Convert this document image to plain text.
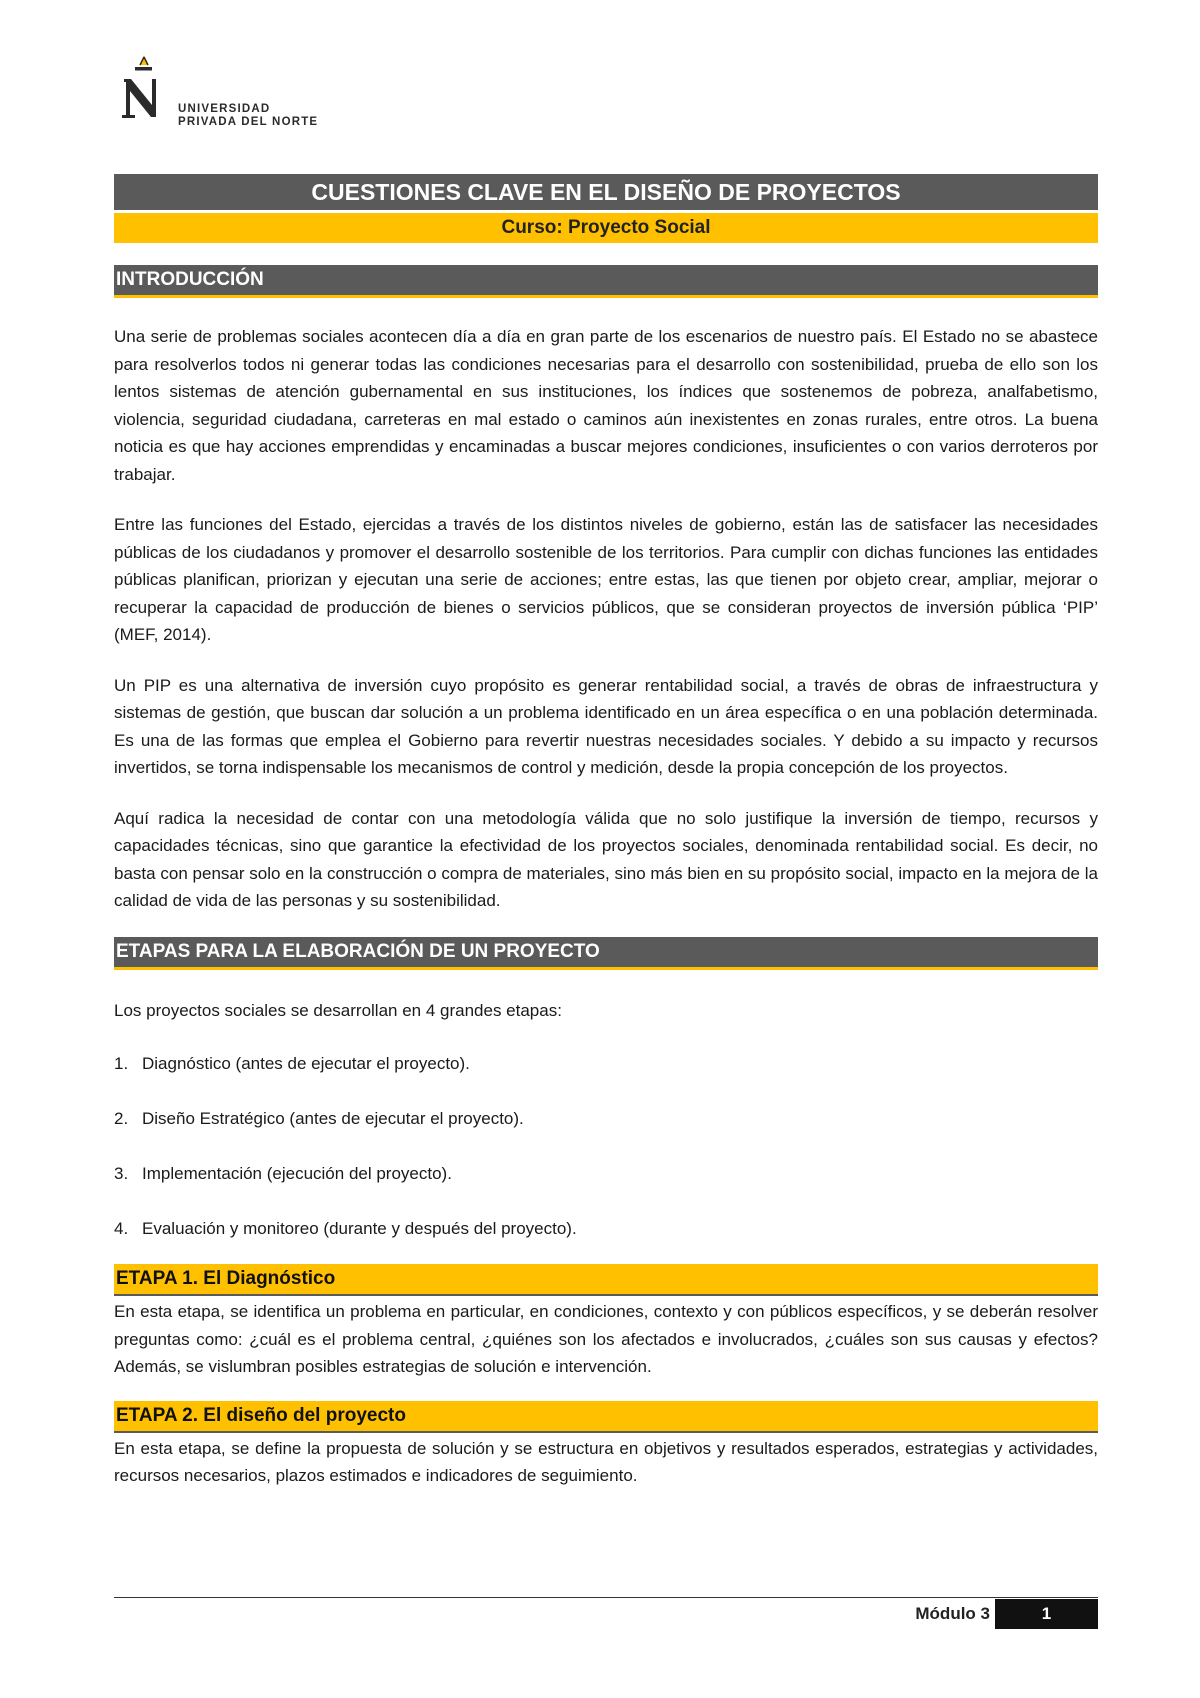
UNIVERSIDAD
PRIVADA DEL NORTE
CUESTIONES CLAVE EN EL DISEÑO DE PROYECTOS
Curso: Proyecto Social
INTRODUCCIÓN

Una serie de problemas sociales acontecen día a día en gran parte de los escenarios de nuestro país. El Estado no se abastece para resolverlos todos ni generar todas las condiciones necesarias para el desarrollo con sostenibilidad, prueba de ello son los lentos sistemas de atención gubernamental en sus instituciones, los índices que sostenemos de pobreza, analfabetismo, violencia, seguridad ciudadana, carreteras en mal estado o caminos aún inexistentes en zonas rurales, entre otros. La buena noticia es que hay acciones emprendidas y encaminadas a buscar mejores condiciones, insuficientes o con varios derroteros por trabajar.

Entre las funciones del Estado, ejercidas a través de los distintos niveles de gobierno, están las de satisfacer las necesidades públicas de los ciudadanos y promover el desarrollo sostenible de los territorios. Para cumplir con dichas funciones las entidades públicas planifican, priorizan y ejecutan una serie de acciones; entre estas, las que tienen por objeto crear, ampliar, mejorar o recuperar la capacidad de producción de bienes o servicios públicos, que se consideran proyectos de inversión pública ‘PIP’ (MEF, 2014).

Un PIP es una alternativa de inversión cuyo propósito es generar rentabilidad social, a través de obras de infraestructura y sistemas de gestión, que buscan dar solución a un problema identificado en un área específica o en una población determinada. Es una de las formas que emplea el Gobierno para revertir nuestras necesidades sociales. Y debido a su impacto y recursos invertidos, se torna indispensable los mecanismos de control y medición, desde la propia concepción de los proyectos.

Aquí radica la necesidad de contar con una metodología válida que no solo justifique la inversión de tiempo, recursos y capacidades técnicas, sino que garantice la efectividad de los proyectos sociales, denominada rentabilidad social. Es decir, no basta con pensar solo en la construcción o compra de materiales, sino más bien en su propósito social, impacto en la mejora de la calidad de vida de las personas y su sostenibilidad.

ETAPAS PARA LA ELABORACIÓN DE UN PROYECTO

Los proyectos sociales se desarrollan en 4 grandes etapas:

1. Diagnóstico (antes de ejecutar el proyecto).
2. Diseño Estratégico (antes de ejecutar el proyecto).
3. Implementación (ejecución del proyecto).
4. Evaluación y monitoreo (durante y después del proyecto).
ETAPA 1. El Diagnóstico

En esta etapa, se identifica un problema en particular, en condiciones, contexto y con públicos específicos, y se deberán resolver preguntas como: ¿cuál es el problema central, ¿quiénes son los afectados e involucrados, ¿cuáles son sus causas y efectos? Además, se vislumbran posibles estrategias de solución e intervención.

ETAPA 2. El diseño del proyecto

En esta etapa, se define la propuesta de solución y se estructura en objetivos y resultados esperados, estrategias y actividades, recursos necesarios, plazos estimados e indicadores de seguimiento.

Módulo 3	1
